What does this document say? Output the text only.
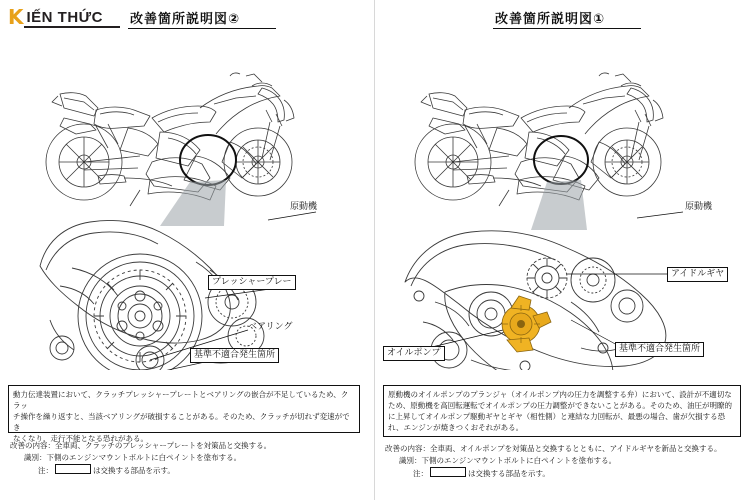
K IẾN THỨC 改善箇所説明図②
原動機
プレッシャープレー
ベアリング
基準不適合発生箇所
動力伝達装置において、クラッチプレッシャープレートとベアリングの嵌合が不足しているため、クラッ
チ操作を繰り返すと、当該ベアリングが破損することがある。そのため、クラッチが切れず変速ができ
なくなり、走行不能となる恐れがある。
改善の内容：全車両、クラッチのプレッシャープレートを対策品と交換する。
識別：下側のエンジンマウントボルトに白ペイントを塗布する。
注：	は交換する部品を示す。
改善箇所説明図①
原動機
アイドルギヤ
オイルポンプ	基準不適合発生箇所
原動機のオイルポンプのプランジャ（オイルポンプ内の圧力を調整する弁）において、設計が不適切な
ため、原動機を高回転運転でオイルポンプの圧力調整ができないことがある。そのため、油圧が明瞭的
に上昇してオイルポンプ駆動ギヤとギヤ（相性側）と連結な力回転が、最悪の場合、歯が欠損する恐
れ、エンジンが焼きつくおそれがある。
改善の内容：全車両、オイルポンプを対策品と交換するとともに、アイドルギヤを新品と交換する。
識別：下側のエンジンマウントボルトに白ペイントを塗布する。
注：	は交換する部品を示す。
